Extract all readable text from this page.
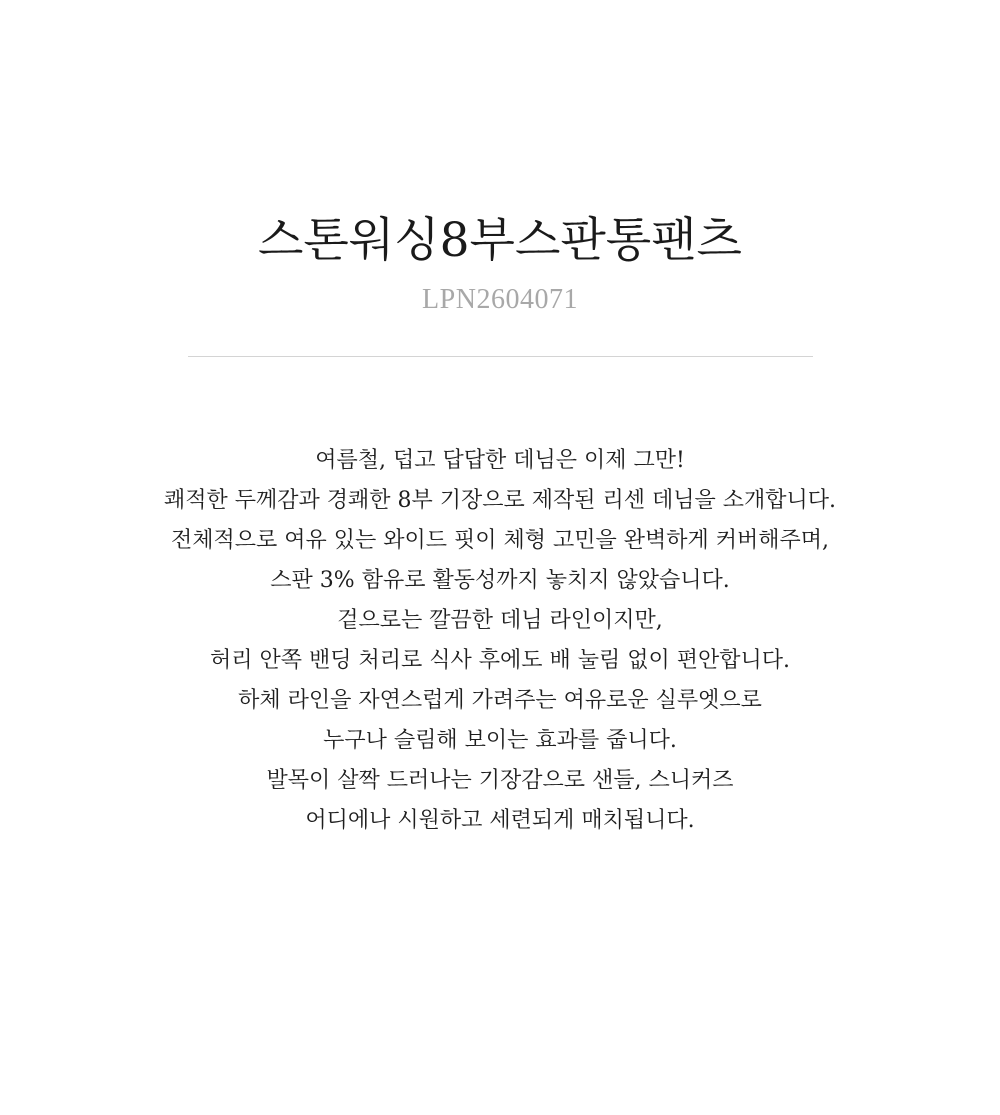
스톤워싱8부스판통팬츠
LPN2604071
여름철, 덥고 답답한 데님은 이제 그만!
쾌적한 두께감과 경쾌한 8부 기장으로 제작된 리센 데님을 소개합니다.
전체적으로 여유 있는 와이드 핏이 체형 고민을 완벽하게 커버해주며,
스판 3% 함유로 활동성까지 놓치지 않았습니다.
겉으로는 깔끔한 데님 라인이지만,
허리 안쪽 밴딩 처리로 식사 후에도 배 눌림 없이 편안합니다.
하체 라인을 자연스럽게 가려주는 여유로운 실루엣으로
누구나 슬림해 보이는 효과를 줍니다.
발목이 살짝 드러나는 기장감으로 샌들, 스니커즈
어디에나 시원하고 세련되게 매치됩니다.
